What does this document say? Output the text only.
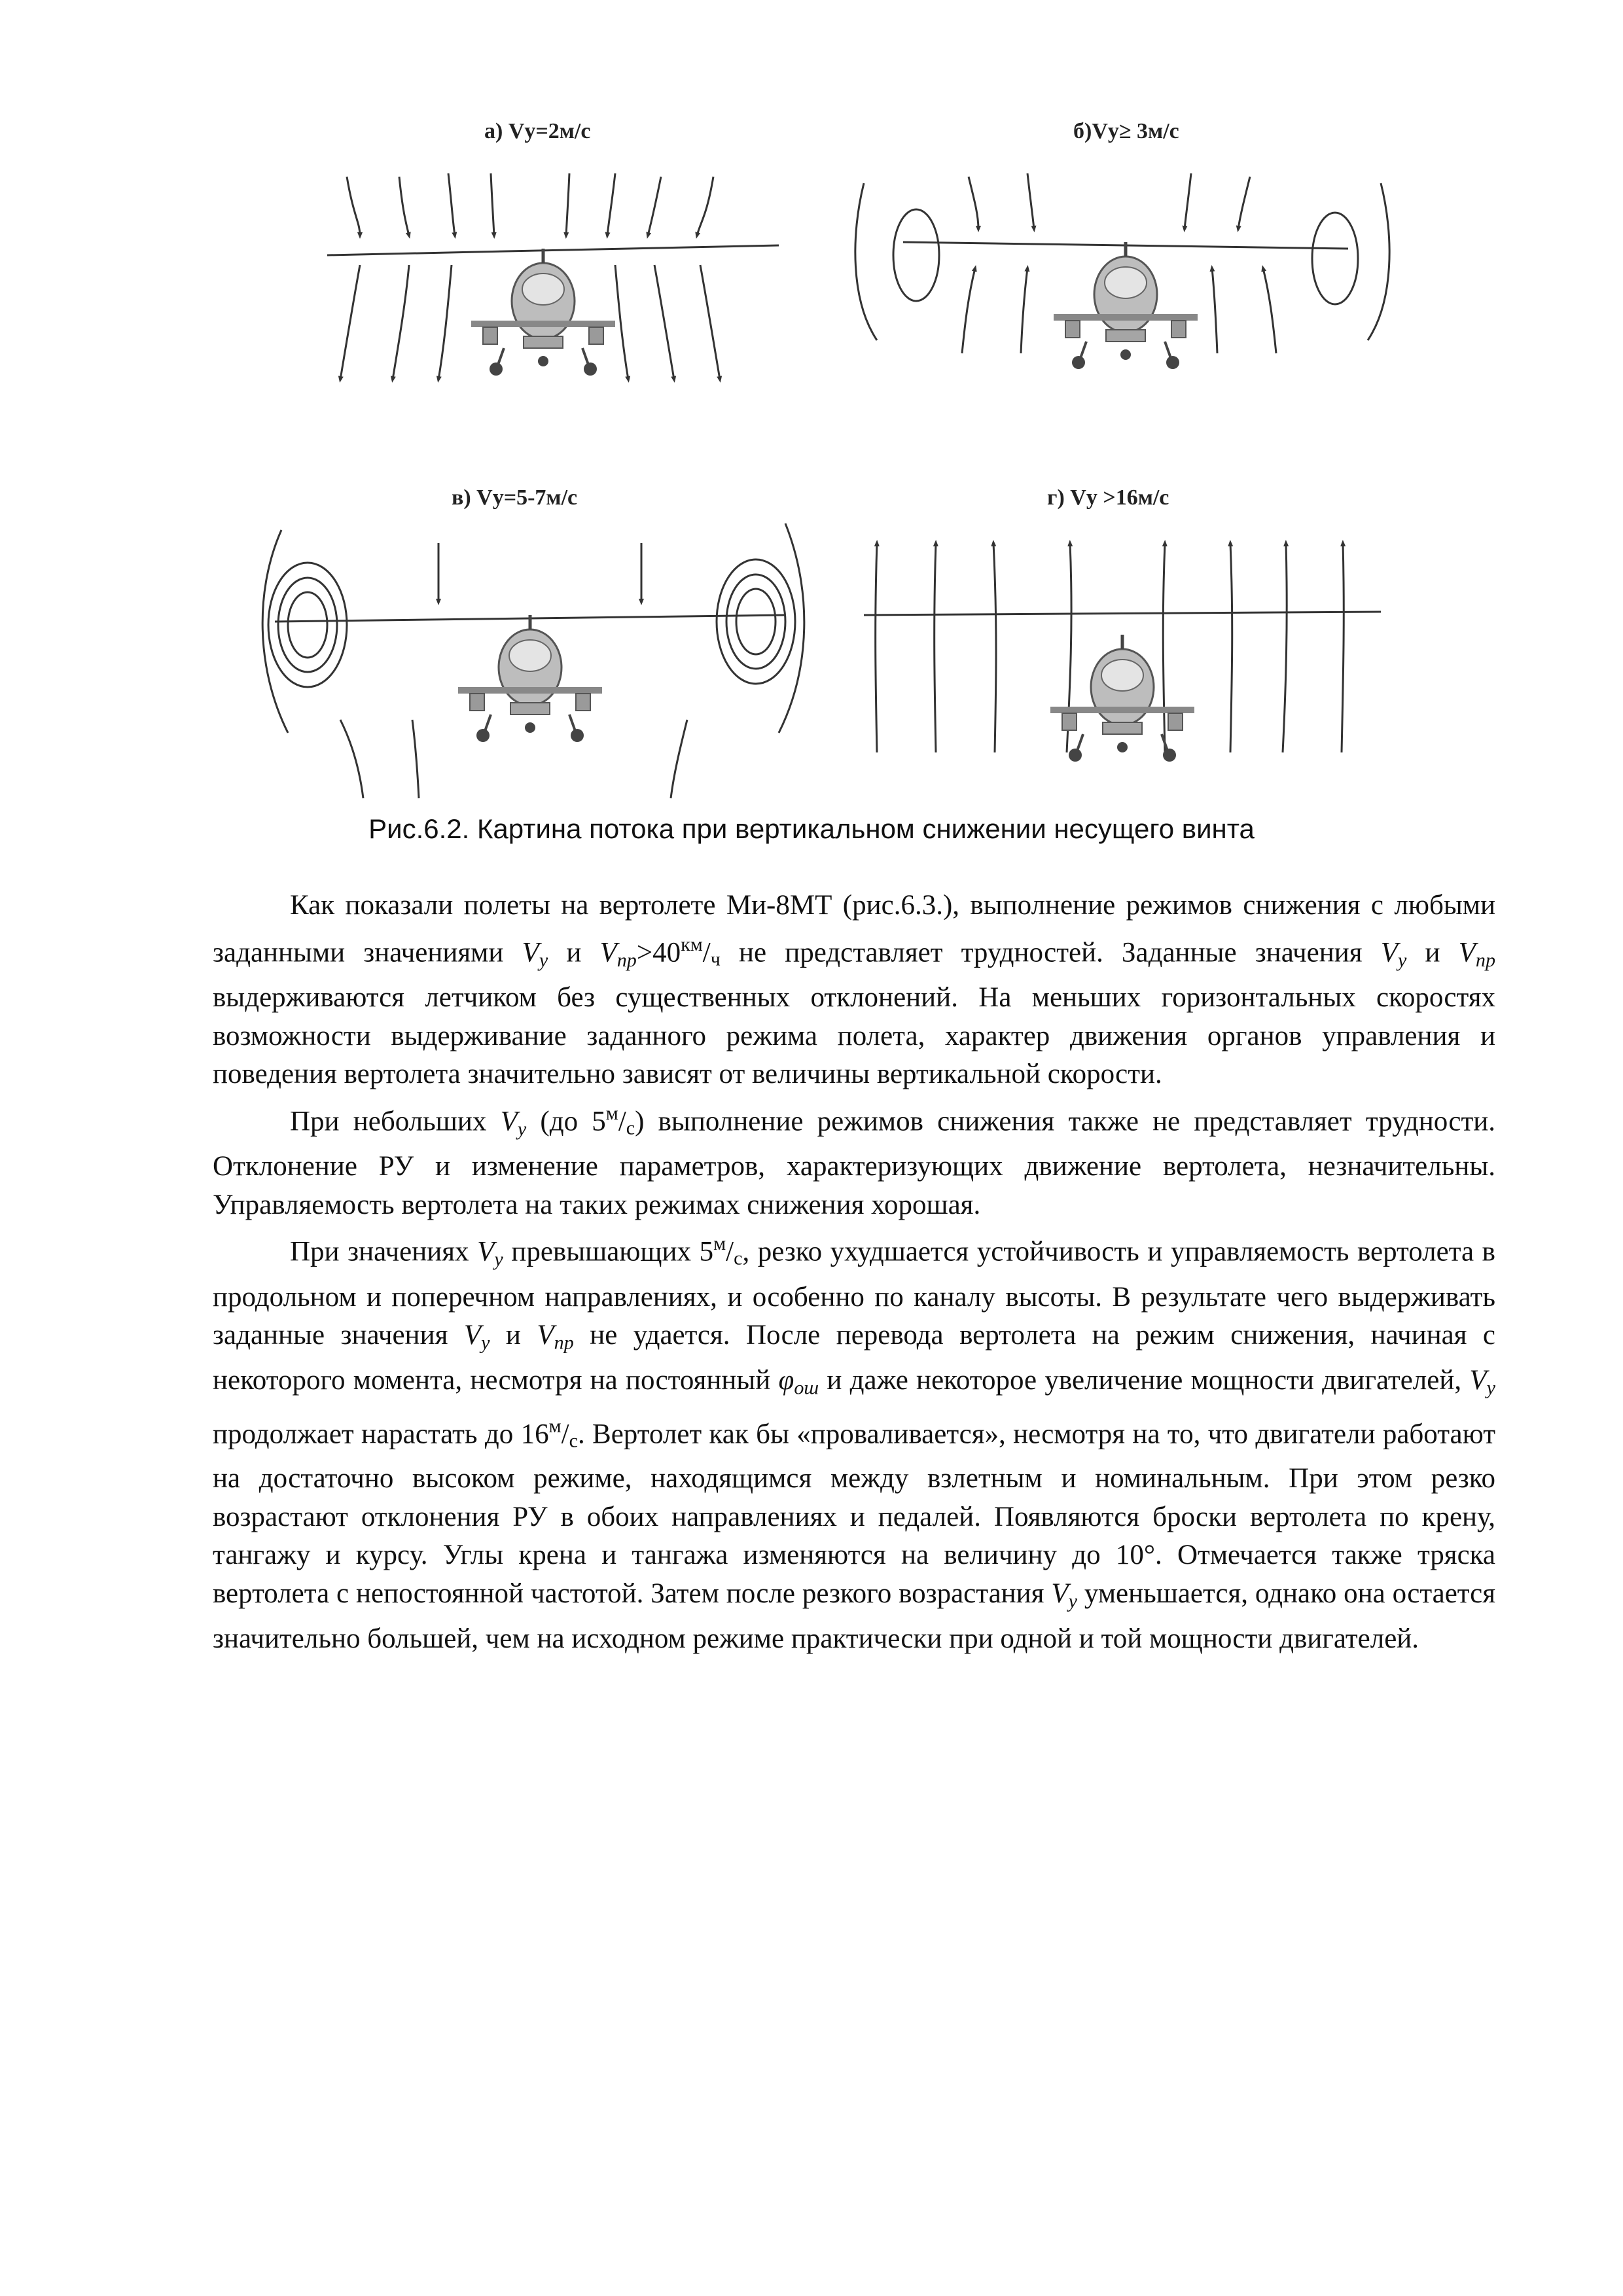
а) Vу=2м/с	б)Vу≥ 3м/с
в) Vу=5-7м/с	г) Vу >16м/с
Рис.6.2. Картина потока при вертикальном снижении несущего винта

Как показали полеты на вертолете Ми-8МТ (рис.6.3.), выполнение режимов снижения с любыми заданными значениями $V_y$ и $V_{пр}>40^{км}/ч$ не представляет трудностей. Заданные значения $V_y$ и $V_{пр}$ выдерживаются летчиком без существенных отклонений. На меньших горизонтальных скоростях возможности выдерживание заданного режима полета, характер движения органов управления и поведения вертолета значительно зависят от величины вертикальной скорости.

При небольших $V_y$ (до $5^м/с$) выполнение режимов снижения также не представляет трудности. Отклонение РУ и изменение параметров, характеризующих движение вертолета, незначительны. Управляемость вертолета на таких режимах снижения хорошая.

При значениях $V_y$ превышающих $5^м/с$, резко ухудшается устойчивость и управляемость вертолета в продольном и поперечном направлениях, и особенно по каналу высоты. В результате чего выдерживать заданные значения $V_y$ и $V_{пр}$ не удается. После перевода вертолета на режим снижения, начиная с некоторого момента, несмотря на постоянный $\varphi_{ош}$ и даже некоторое увеличение мощности двигателей, $V_y$ продолжает нарастать до $16^м/с$. Вертолет как бы «проваливается», несмотря на то, что двигатели работают на достаточно высоком режиме, находящимся между взлетным и номинальным. При этом резко возрастают отклонения РУ в обоих направлениях и педалей. Появляются броски вертолета по крену, тангажу и курсу. Углы крена и тангажа изменяются на величину до 10°. Отмечается также тряска вертолета с непостоянной частотой. Затем после резкого возрастания $V_y$ уменьшается, однако она остается значительно большей, чем на исходном режиме практически при одной и той мощности двигателей.
